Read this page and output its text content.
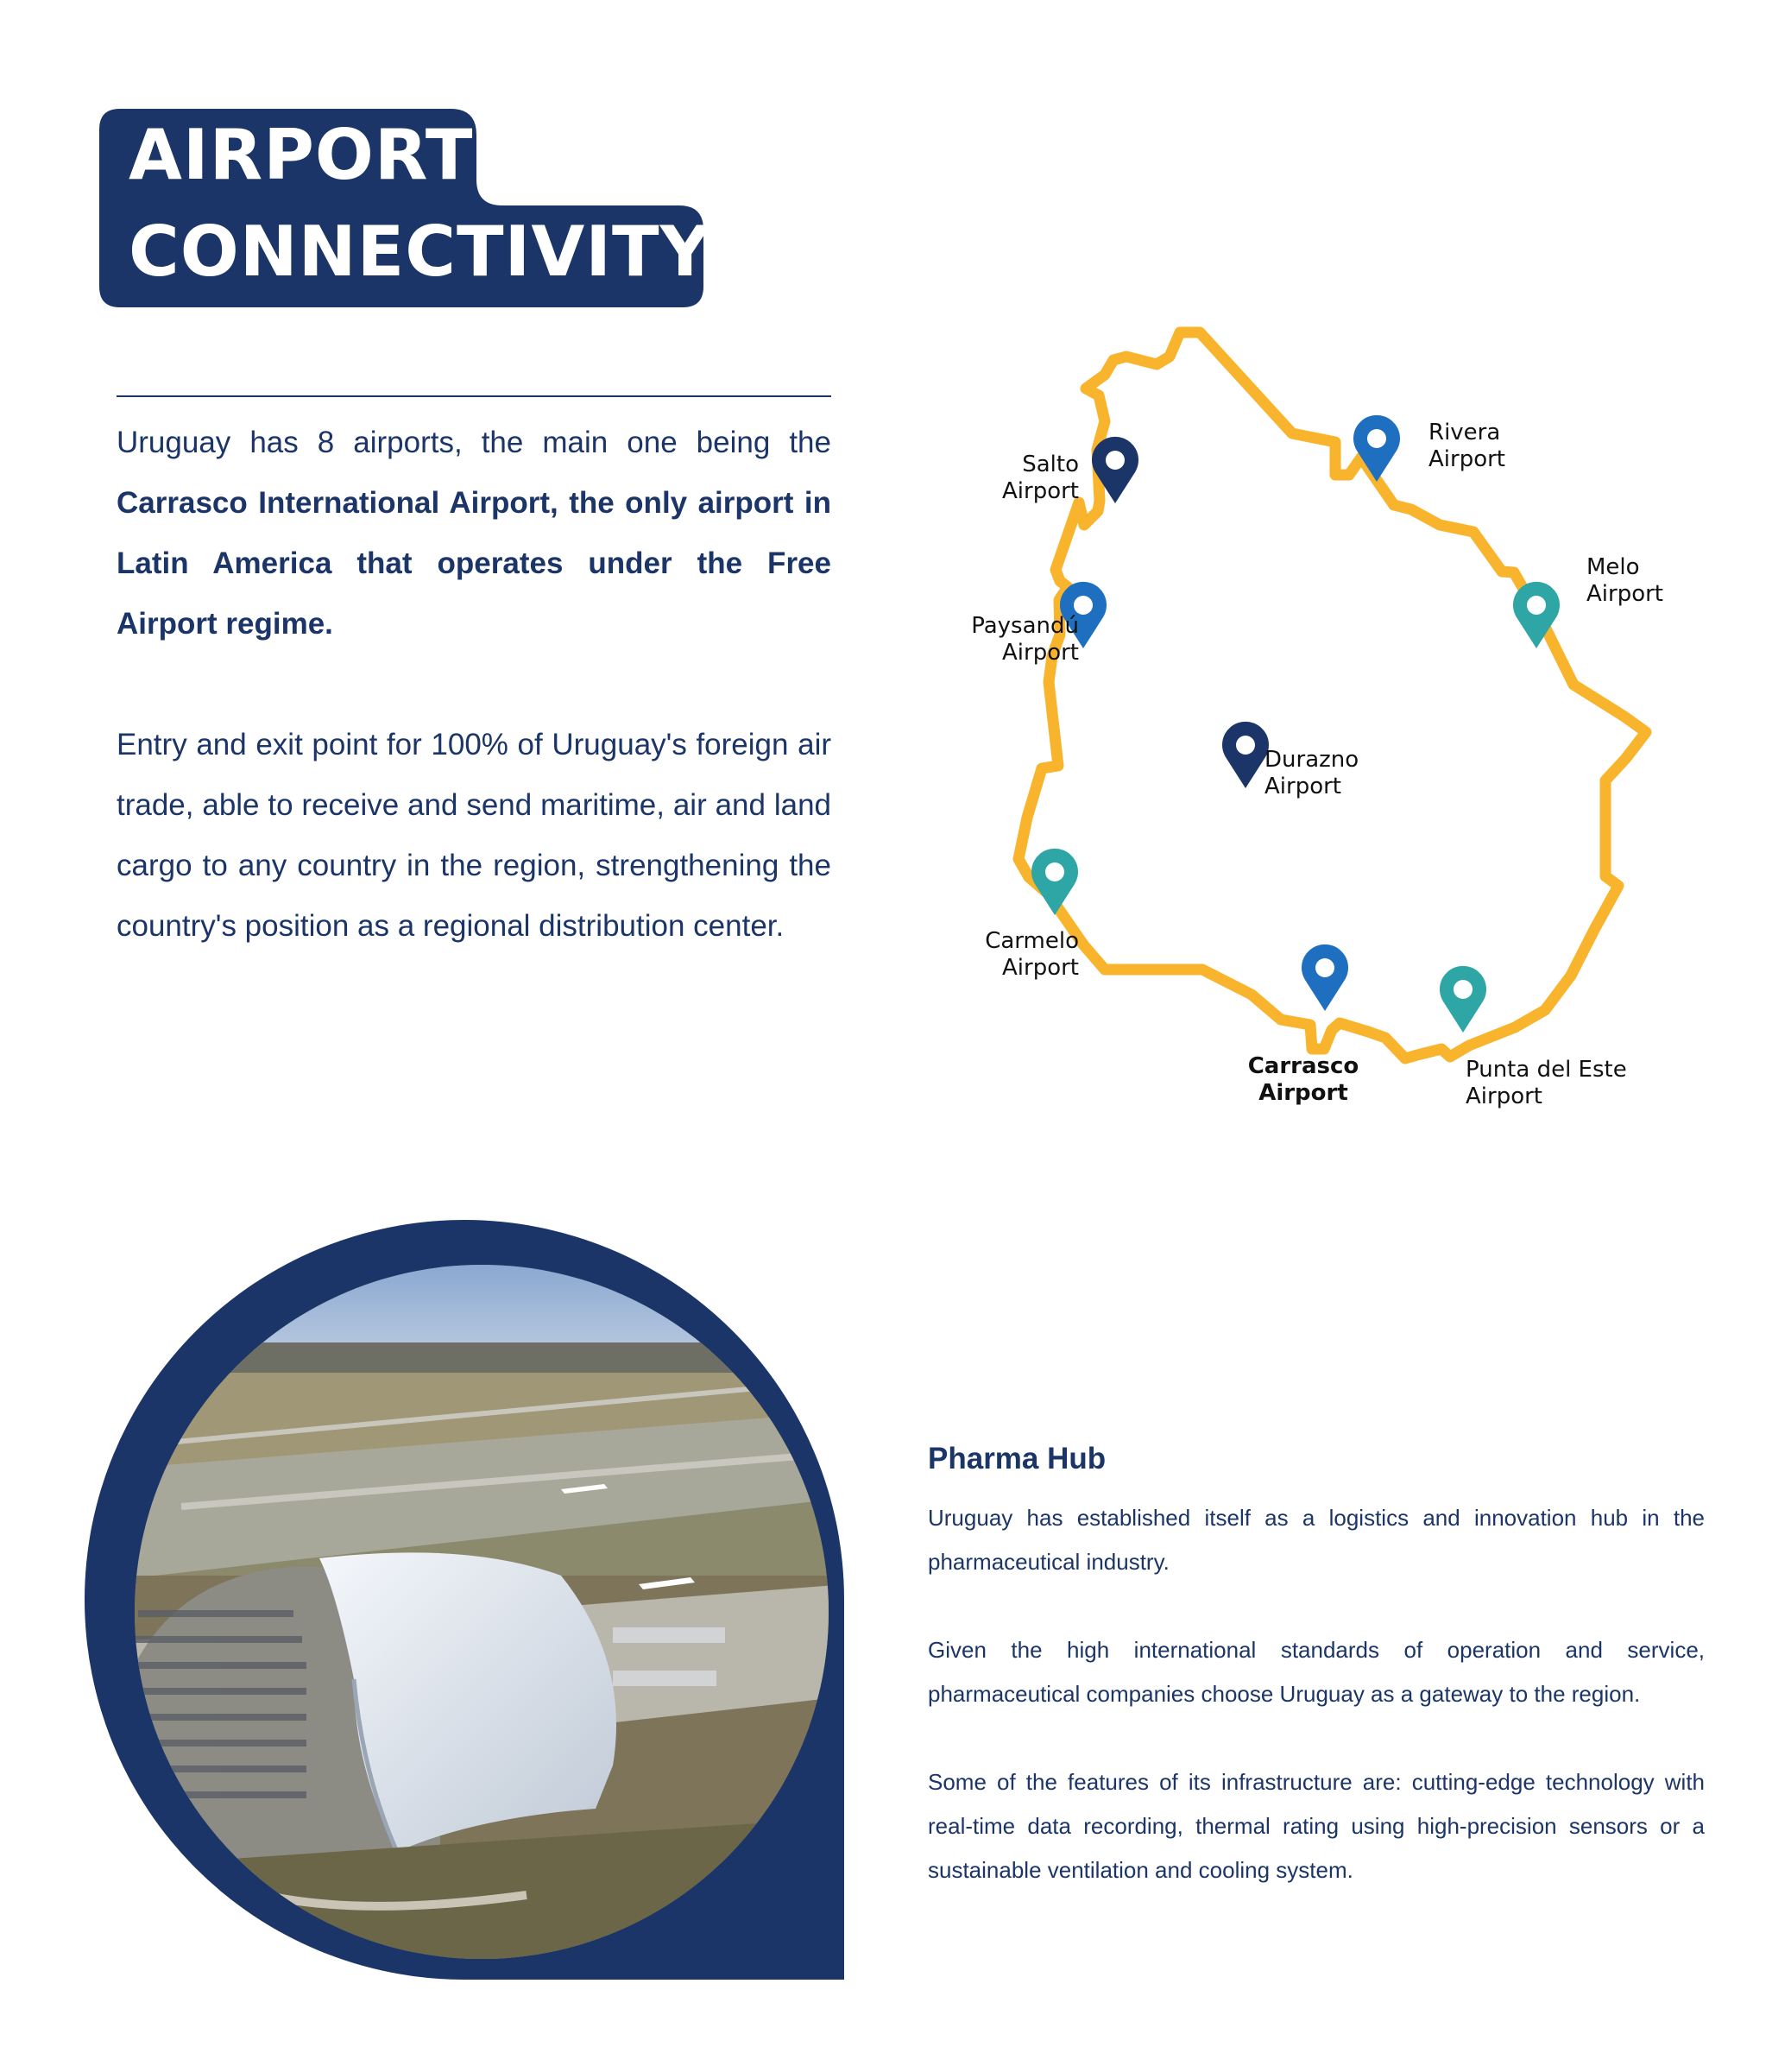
AIRPORT
CONNECTIVITY

Uruguay has 8 airports, the main one being the Carrasco International Airport, the only airport in Latin America that operates under the Free Airport regime.

Entry and exit point for 100% of Uruguay's foreign air trade, able to receive and send maritime, air and land cargo to any country in the region, strengthening the country's position as a regional distribution center.

Salto
Airport
Rivera
Airport
Melo
Airport
Paysandú
Airport
Durazno
Airport
Carmelo
Airport
Carrasco
Airport
Punta del Este
Airport
Pharma Hub

Uruguay has established itself as a logistics and innovation hub in the pharmaceutical industry.

Given the high international standards of operation and service, pharmaceutical companies choose Uruguay as a gateway to the region.

Some of the features of its infrastructure are: cutting-edge technology with real-time data recording, thermal rating using high-precision sensors or a sustainable ventilation and cooling system.
